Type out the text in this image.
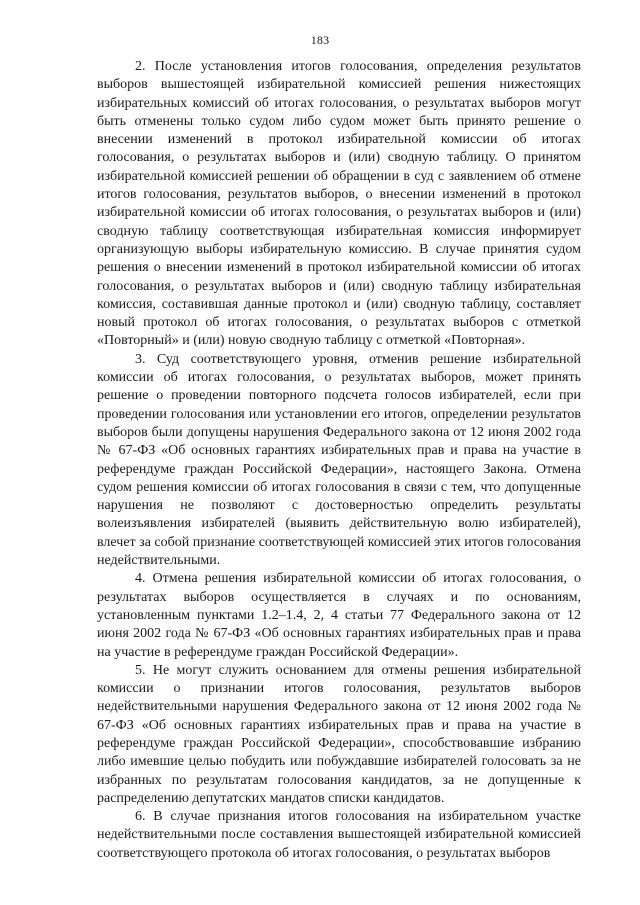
183

2. После установления итогов голосования, определения результатов выборов вышестоящей избирательной комиссией решения нижестоящих избирательных комиссий об итогах голосования, о результатах выборов могут быть отменены только судом либо судом может быть принято решение о внесении изменений в протокол избирательной комиссии об итогах голосования, о результатах выборов и (или) сводную таблицу. О принятом избирательной комиссией решении об обращении в суд с заявлением об отмене итогов голосования, результатов выборов, о внесении изменений в протокол избирательной комиссии об итогах голосования, о результатах выборов и (или) сводную таблицу соответствующая избирательная комиссия информирует организующую выборы избирательную комиссию. В случае принятия судом решения о внесении изменений в протокол избирательной комиссии об итогах голосования, о результатах выборов и (или) сводную таблицу избирательная комиссия, составившая данные протокол и (или) сводную таблицу, составляет новый протокол об итогах голосования, о результатах выборов с отметкой «Повторный» и (или) новую сводную таблицу с отметкой «Повторная».

3. Суд соответствующего уровня, отменив решение избирательной комиссии об итогах голосования, о результатах выборов, может принять решение о проведении повторного подсчета голосов избирателей, если при проведении голосования или установлении его итогов, определении результатов выборов были допущены нарушения Федерального закона от 12 июня 2002 года № 67-ФЗ «Об основных гарантиях избирательных прав и права на участие в референдуме граждан Российской Федерации», настоящего Закона. Отмена судом решения комиссии об итогах голосования в связи с тем, что допущенные нарушения не позволяют с достоверностью определить результаты волеизъявления избирателей (выявить действительную волю избирателей), влечет за собой признание соответствующей комиссией этих итогов голосования недействительными.

4. Отмена решения избирательной комиссии об итогах голосования, о результатах выборов осуществляется в случаях и по основаниям, установленным пунктами 1.2–1.4, 2, 4 статьи 77 Федерального закона от 12 июня 2002 года № 67-ФЗ «Об основных гарантиях избирательных прав и права на участие в референдуме граждан Российской Федерации».

5. Не могут служить основанием для отмены решения избирательной комиссии о признании итогов голосования, результатов выборов недействительными нарушения Федерального закона от 12 июня 2002 года № 67-ФЗ «Об основных гарантиях избирательных прав и права на участие в референдуме граждан Российской Федерации», способствовавшие избранию либо имевшие целью побудить или побуждавшие избирателей голосовать за не избранных по результатам голосования кандидатов, за не допущенные к распределению депутатских мандатов списки кандидатов.

6. В случае признания итогов голосования на избирательном участке недействительными после составления вышестоящей избирательной комиссией соответствующего протокола об итогах голосования, о результатах выборов
